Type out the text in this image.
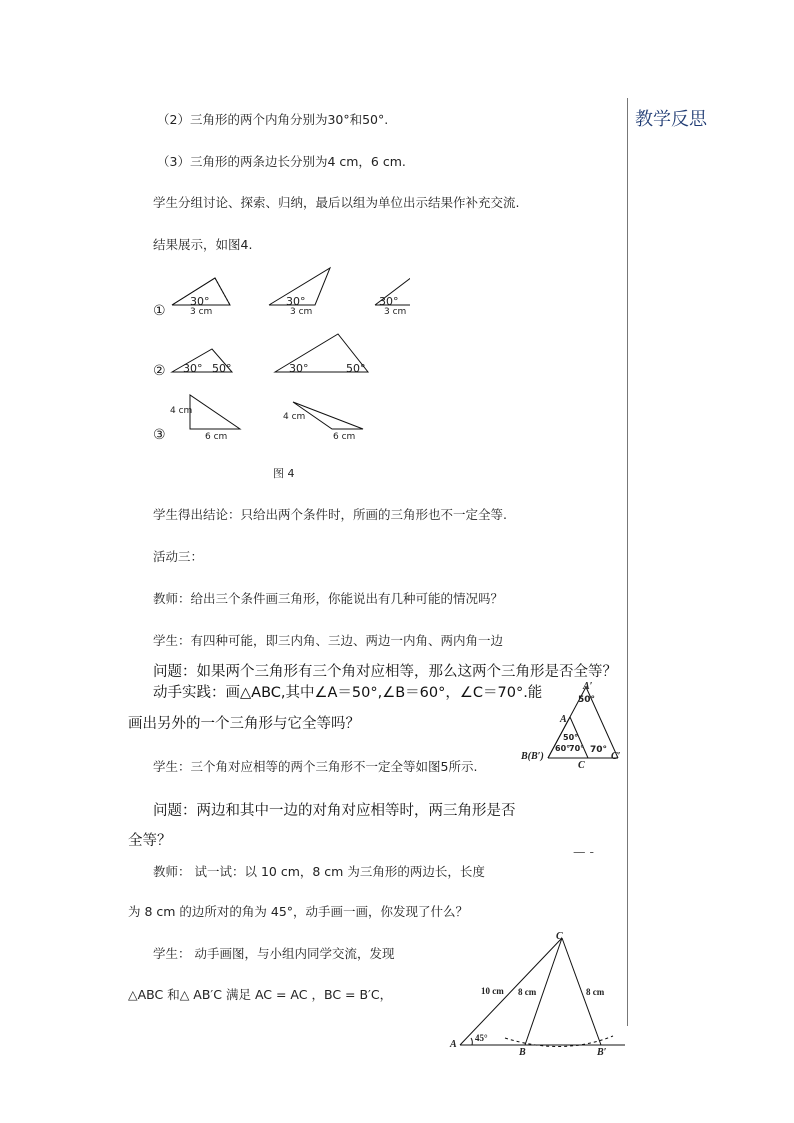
教学反思
（2）三角形的两个内角分别为30°和50°.
（3）三角形的两条边长分别为4 cm，6 cm.
学生分组讨论、探索、归纳，最后以组为单位出示结果作补充交流.
结果展示，如图4.
30°
3 cm
30°
3 cm
30°
3 cm
①
②
③
30° 50°	30°	50°
4 cm
6 cm
4 cm
6 cm
图 4
学生得出结论：只给出两个条件时，所画的三角形也不一定全等.
活动三：
教师：给出三个条件画三角形，你能说出有几种可能的情况吗？
学生：有四种可能，即三内角、三边、两边一内角、两内角一边
问题：如果两个三角形有三个角对应相等，那么这两个三角形是否全等？
动手实践：画△ABC,其中∠A＝50°,∠B＝60°，∠C＝70°.能
画出另外的一个三角形与它全等吗？
A′
50°
A
50°
60°
70° 70°
B(B′)
C
C′
学生：三个角对应相等的两个三角形不一定全等如图5所示.
问题：两边和其中一边的对角对应相等时，两三角形是否
全等？
— -
教师： 试一试：以 10 cm，8 cm 为三角形的两边长，长度
为 8 cm 的边所对的角为 45°，动手画一画，你发现了什么？
学生： 动手画图，与小组内同学交流，发现
△ABC 和△ AB′C 满足 AC = AC ，BC = B′C，
C
10 cm 8 cm	8 cm
45°
A
B	B′
